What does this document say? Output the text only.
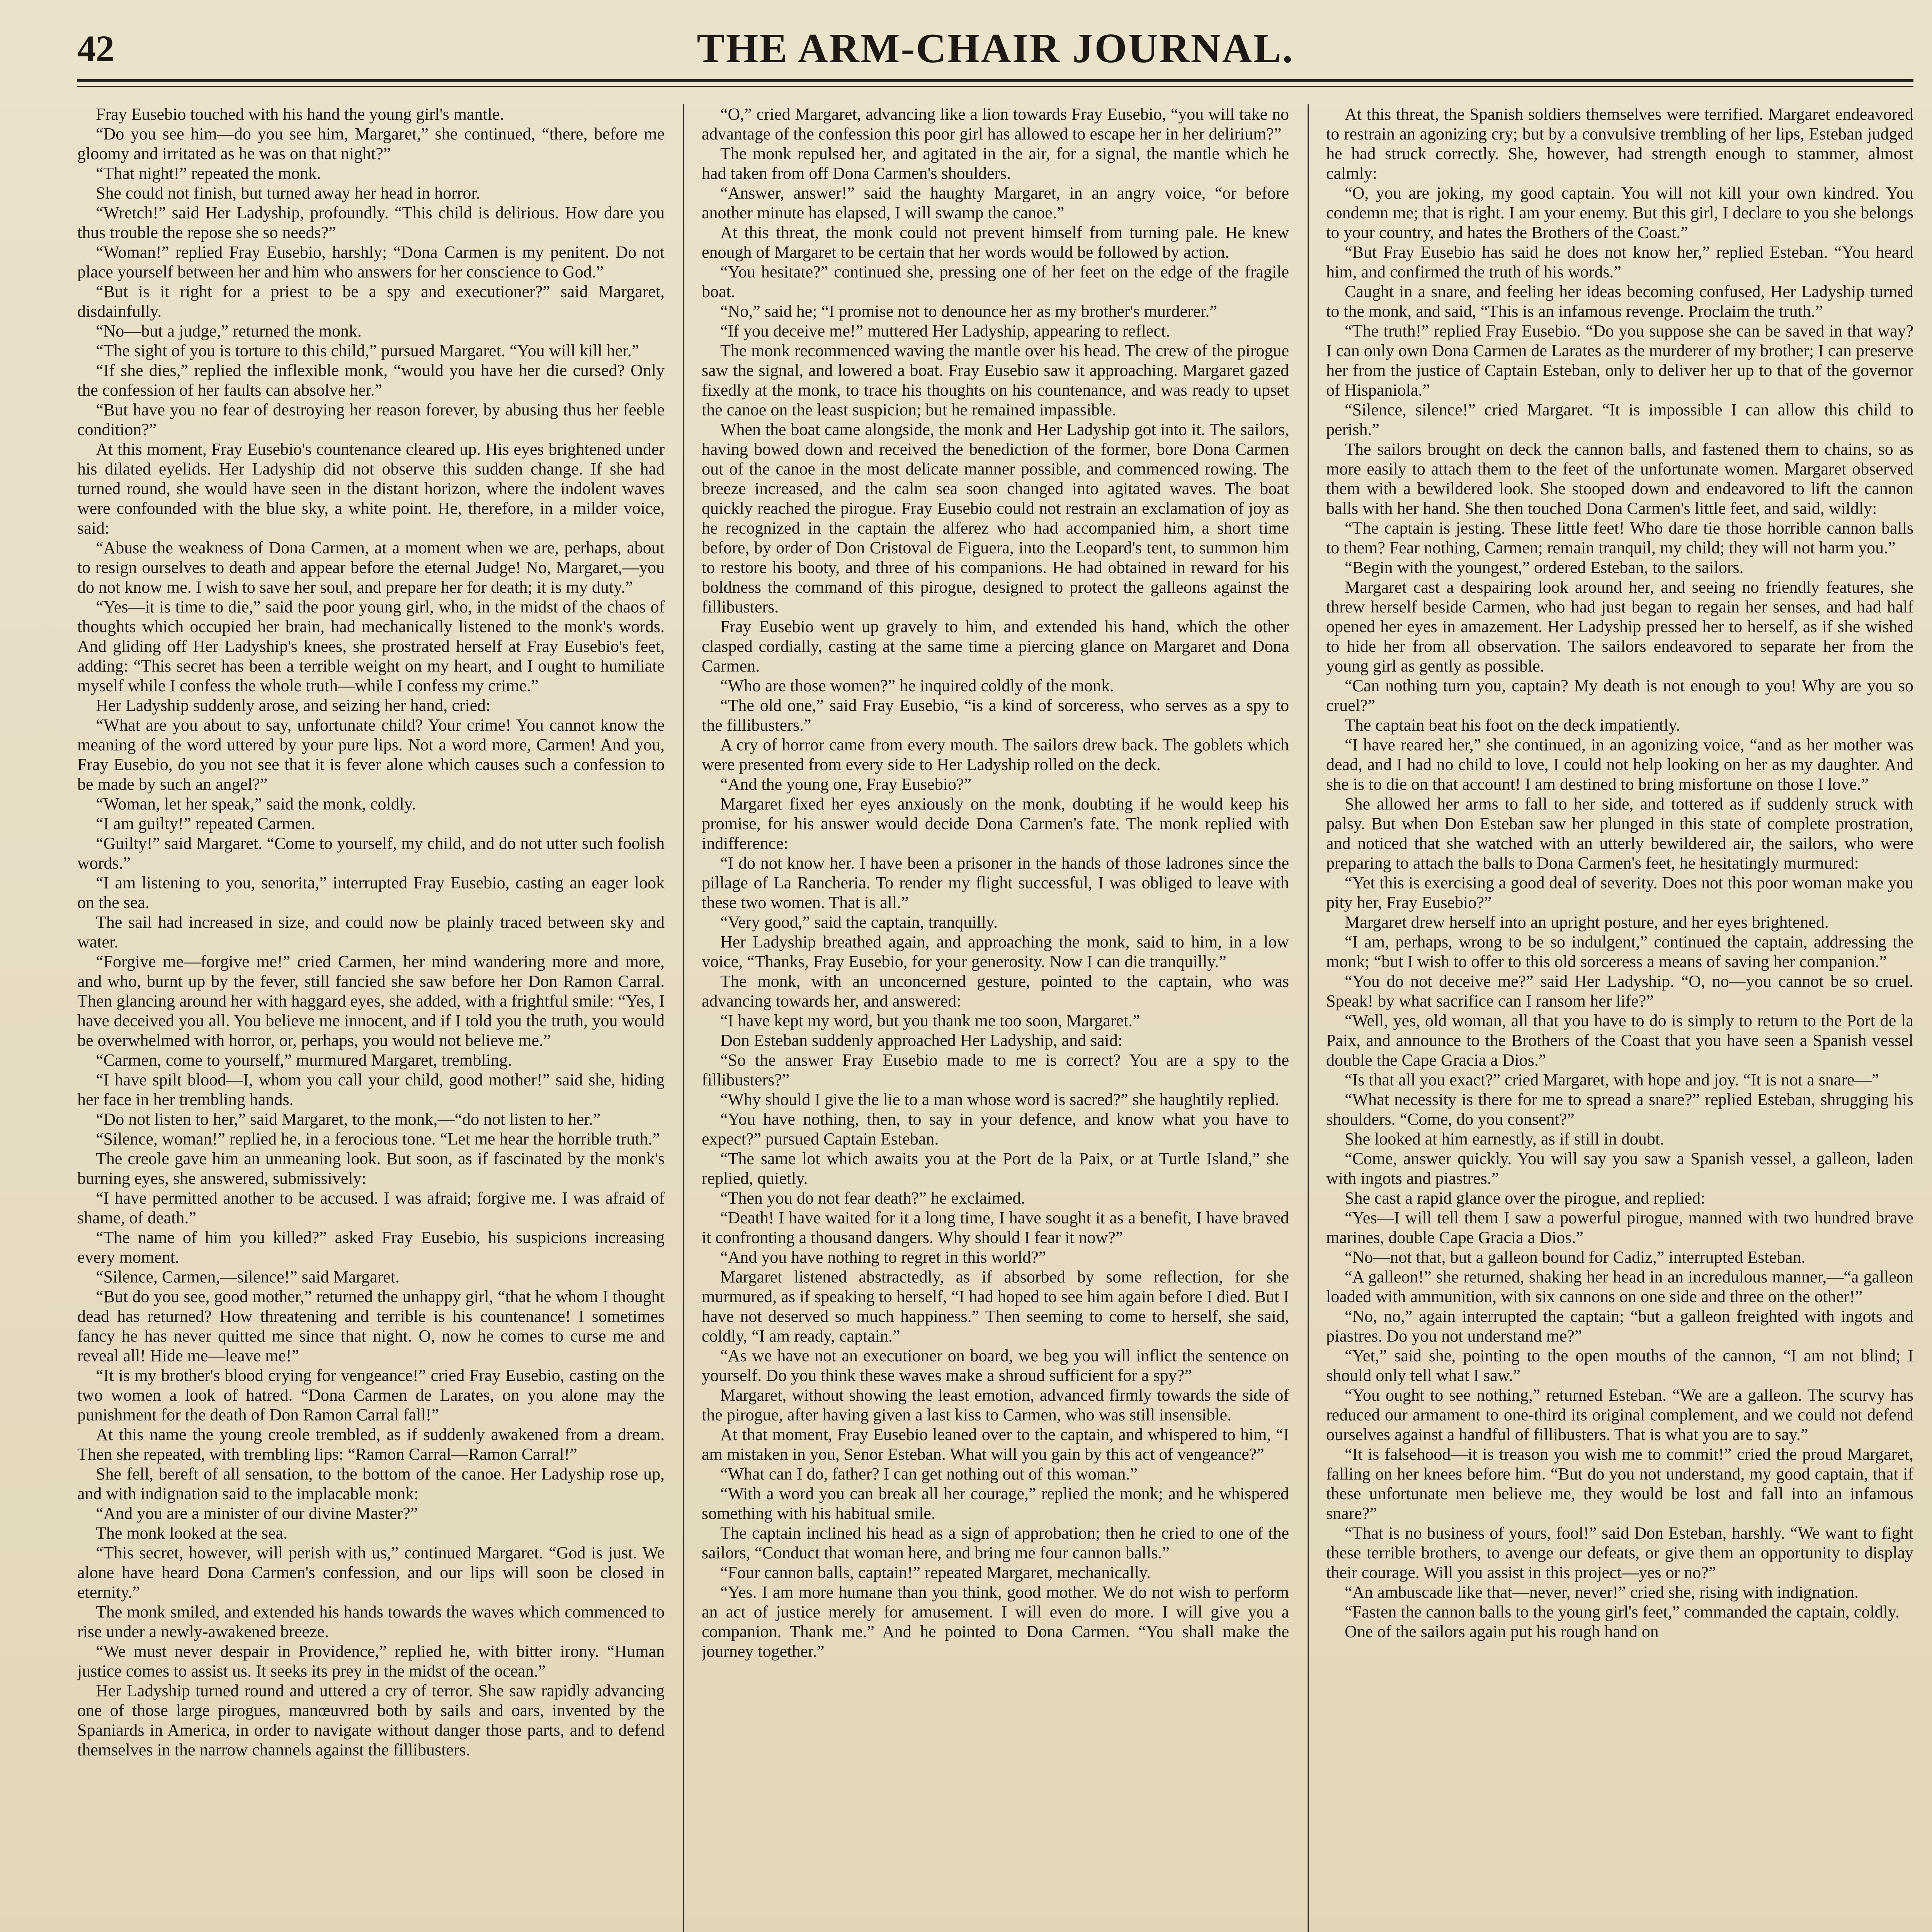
42	THE ARM-CHAIR JOURNAL.

Fray Eusebio touched with his hand the young girl's mantle.

“Do you see him—do you see him, Margaret,” she continued, “there, before me gloomy and irritated as he was on that night?”

“That night!” repeated the monk.

She could not finish, but turned away her head in horror.

“Wretch!” said Her Ladyship, profoundly. “This child is delirious. How dare you thus trouble the repose she so needs?”

“Woman!” replied Fray Eusebio, harshly; “Dona Carmen is my penitent. Do not place yourself between her and him who answers for her conscience to God.”

“But is it right for a priest to be a spy and executioner?” said Margaret, disdainfully.

“No—but a judge,” returned the monk.

“The sight of you is torture to this child,” pursued Margaret. “You will kill her.”

“If she dies,” replied the inflexible monk, “would you have her die cursed? Only the confession of her faults can absolve her.”

“But have you no fear of destroying her reason forever, by abusing thus her feeble condition?”

At this moment, Fray Eusebio's countenance cleared up. His eyes brightened under his dilated eyelids. Her Ladyship did not observe this sudden change. If she had turned round, she would have seen in the distant horizon, where the indolent waves were confounded with the blue sky, a white point. He, therefore, in a milder voice, said:

“Abuse the weakness of Dona Carmen, at a moment when we are, perhaps, about to resign ourselves to death and appear before the eternal Judge! No, Margaret,—you do not know me. I wish to save her soul, and prepare her for death; it is my duty.”

“Yes—it is time to die,” said the poor young girl, who, in the midst of the chaos of thoughts which occupied her brain, had mechanically listened to the monk's words. And gliding off Her Ladyship's knees, she prostrated herself at Fray Eusebio's feet, adding: “This secret has been a terrible weight on my heart, and I ought to humiliate myself while I confess the whole truth—while I confess my crime.”

Her Ladyship suddenly arose, and seizing her hand, cried:

“What are you about to say, unfortunate child? Your crime! You cannot know the meaning of the word uttered by your pure lips. Not a word more, Carmen! And you, Fray Eusebio, do you not see that it is fever alone which causes such a confession to be made by such an angel?”

“Woman, let her speak,” said the monk, coldly.

“I am guilty!” repeated Carmen.

“Guilty!” said Margaret. “Come to yourself, my child, and do not utter such foolish words.”

“I am listening to you, senorita,” interrupted Fray Eusebio, casting an eager look on the sea.

The sail had increased in size, and could now be plainly traced between sky and water.

“Forgive me—forgive me!” cried Carmen, her mind wandering more and more, and who, burnt up by the fever, still fancied she saw before her Don Ramon Carral. Then glancing around her with haggard eyes, she added, with a frightful smile: “Yes, I have deceived you all. You believe me innocent, and if I told you the truth, you would be overwhelmed with horror, or, perhaps, you would not believe me.”

“Carmen, come to yourself,” murmured Margaret, trembling.

“I have spilt blood—I, whom you call your child, good mother!” said she, hiding her face in her trembling hands.

“Do not listen to her,” said Margaret, to the monk,—“do not listen to her.”

“Silence, woman!” replied he, in a ferocious tone. “Let me hear the horrible truth.”

The creole gave him an unmeaning look. But soon, as if fascinated by the monk's burning eyes, she answered, submissively:

“I have permitted another to be accused. I was afraid; forgive me. I was afraid of shame, of death.”

“The name of him you killed?” asked Fray Eusebio, his suspicions increasing every moment.

“Silence, Carmen,—silence!” said Margaret.

“But do you see, good mother,” returned the unhappy girl, “that he whom I thought dead has returned? How threatening and terrible is his countenance! I sometimes fancy he has never quitted me since that night. O, now he comes to curse me and reveal all! Hide me—leave me!”

“It is my brother's blood crying for vengeance!” cried Fray Eusebio, casting on the two women a look of hatred. “Dona Carmen de Larates, on you alone may the punishment for the death of Don Ramon Carral fall!”

At this name the young creole trembled, as if suddenly awakened from a dream. Then she repeated, with trembling lips: “Ramon Carral—Ramon Carral!”

She fell, bereft of all sensation, to the bottom of the canoe. Her Ladyship rose up, and with indignation said to the implacable monk:

“And you are a minister of our divine Master?”

The monk looked at the sea.

“This secret, however, will perish with us,” continued Margaret. “God is just. We alone have heard Dona Carmen's confession, and our lips will soon be closed in eternity.”

The monk smiled, and extended his hands towards the waves which commenced to rise under a newly-awakened breeze.

“We must never despair in Providence,” replied he, with bitter irony. “Human justice comes to assist us. It seeks its prey in the midst of the ocean.”

Her Ladyship turned round and uttered a cry of terror. She saw rapidly advancing one of those large pirogues, manœuvred both by sails and oars, invented by the Spaniards in America, in order to navigate without danger those parts, and to defend themselves in the narrow channels against the fillibusters.

“O,” cried Margaret, advancing like a lion towards Fray Eusebio, “you will take no advantage of the confession this poor girl has allowed to escape her in her delirium?”

The monk repulsed her, and agitated in the air, for a signal, the mantle which he had taken from off Dona Carmen's shoulders.

“Answer, answer!” said the haughty Margaret, in an angry voice, “or before another minute has elapsed, I will swamp the canoe.”

At this threat, the monk could not prevent himself from turning pale. He knew enough of Margaret to be certain that her words would be followed by action.

“You hesitate?” continued she, pressing one of her feet on the edge of the fragile boat.

“No,” said he; “I promise not to denounce her as my brother's murderer.”

“If you deceive me!” muttered Her Ladyship, appearing to reflect.

The monk recommenced waving the mantle over his head. The crew of the pirogue saw the signal, and lowered a boat. Fray Eusebio saw it approaching. Margaret gazed fixedly at the monk, to trace his thoughts on his countenance, and was ready to upset the canoe on the least suspicion; but he remained impassible.

When the boat came alongside, the monk and Her Ladyship got into it. The sailors, having bowed down and received the benediction of the former, bore Dona Carmen out of the canoe in the most delicate manner possible, and commenced rowing. The breeze increased, and the calm sea soon changed into agitated waves. The boat quickly reached the pirogue. Fray Eusebio could not restrain an exclamation of joy as he recognized in the captain the alferez who had accompanied him, a short time before, by order of Don Cristoval de Figuera, into the Leopard's tent, to summon him to restore his booty, and three of his companions. He had obtained in reward for his boldness the command of this pirogue, designed to protect the galleons against the fillibusters.

Fray Eusebio went up gravely to him, and extended his hand, which the other clasped cordially, casting at the same time a piercing glance on Margaret and Dona Carmen.

“Who are those women?” he inquired coldly of the monk.

“The old one,” said Fray Eusebio, “is a kind of sorceress, who serves as a spy to the fillibusters.”

A cry of horror came from every mouth. The sailors drew back. The goblets which were presented from every side to Her Ladyship rolled on the deck.

“And the young one, Fray Eusebio?”

Margaret fixed her eyes anxiously on the monk, doubting if he would keep his promise, for his answer would decide Dona Carmen's fate. The monk replied with indifference:

“I do not know her. I have been a prisoner in the hands of those ladrones since the pillage of La Rancheria. To render my flight successful, I was obliged to leave with these two women. That is all.”

“Very good,” said the captain, tranquilly.

Her Ladyship breathed again, and approaching the monk, said to him, in a low voice, “Thanks, Fray Eusebio, for your generosity. Now I can die tranquilly.”

The monk, with an unconcerned gesture, pointed to the captain, who was advancing towards her, and answered:

“I have kept my word, but you thank me too soon, Margaret.”

Don Esteban suddenly approached Her Ladyship, and said:

“So the answer Fray Eusebio made to me is correct? You are a spy to the fillibusters?”

“Why should I give the lie to a man whose word is sacred?” she haughtily replied.

“You have nothing, then, to say in your defence, and know what you have to expect?” pursued Captain Esteban.

“The same lot which awaits you at the Port de la Paix, or at Turtle Island,” she replied, quietly.

“Then you do not fear death?” he exclaimed.

“Death! I have waited for it a long time, I have sought it as a benefit, I have braved it confronting a thousand dangers. Why should I fear it now?”

“And you have nothing to regret in this world?”

Margaret listened abstractedly, as if absorbed by some reflection, for she murmured, as if speaking to herself, “I had hoped to see him again before I died. But I have not deserved so much happiness.” Then seeming to come to herself, she said, coldly, “I am ready, captain.”

“As we have not an executioner on board, we beg you will inflict the sentence on yourself. Do you think these waves make a shroud sufficient for a spy?”

Margaret, without showing the least emotion, advanced firmly towards the side of the pirogue, after having given a last kiss to Carmen, who was still insensible.

At that moment, Fray Eusebio leaned over to the captain, and whispered to him, “I am mistaken in you, Senor Esteban. What will you gain by this act of vengeance?”

“What can I do, father? I can get nothing out of this woman.”

“With a word you can break all her courage,” replied the monk; and he whispered something with his habitual smile.

The captain inclined his head as a sign of approbation; then he cried to one of the sailors, “Conduct that woman here, and bring me four cannon balls.”

“Four cannon balls, captain!” repeated Margaret, mechanically.

“Yes. I am more humane than you think, good mother. We do not wish to perform an act of justice merely for amusement. I will even do more. I will give you a companion. Thank me.” And he pointed to Dona Carmen. “You shall make the journey together.”

At this threat, the Spanish soldiers themselves were terrified. Margaret endeavored to restrain an agonizing cry; but by a convulsive trembling of her lips, Esteban judged he had struck correctly. She, however, had strength enough to stammer, almost calmly:

“O, you are joking, my good captain. You will not kill your own kindred. You condemn me; that is right. I am your enemy. But this girl, I declare to you she belongs to your country, and hates the Brothers of the Coast.”

“But Fray Eusebio has said he does not know her,” replied Esteban. “You heard him, and confirmed the truth of his words.”

Caught in a snare, and feeling her ideas becoming confused, Her Ladyship turned to the monk, and said, “This is an infamous revenge. Proclaim the truth.”

“The truth!” replied Fray Eusebio. “Do you suppose she can be saved in that way? I can only own Dona Carmen de Larates as the murderer of my brother; I can preserve her from the justice of Captain Esteban, only to deliver her up to that of the governor of Hispaniola.”

“Silence, silence!” cried Margaret. “It is impossible I can allow this child to perish.”

The sailors brought on deck the cannon balls, and fastened them to chains, so as more easily to attach them to the feet of the unfortunate women. Margaret observed them with a bewildered look. She stooped down and endeavored to lift the cannon balls with her hand. She then touched Dona Carmen's little feet, and said, wildly:

“The captain is jesting. These little feet! Who dare tie those horrible cannon balls to them? Fear nothing, Carmen; remain tranquil, my child; they will not harm you.”

“Begin with the youngest,” ordered Esteban, to the sailors.

Margaret cast a despairing look around her, and seeing no friendly features, she threw herself beside Carmen, who had just began to regain her senses, and had half opened her eyes in amazement. Her Ladyship pressed her to herself, as if she wished to hide her from all observation. The sailors endeavored to separate her from the young girl as gently as possible.

“Can nothing turn you, captain? My death is not enough to you! Why are you so cruel?”

The captain beat his foot on the deck impatiently.

“I have reared her,” she continued, in an agonizing voice, “and as her mother was dead, and I had no child to love, I could not help looking on her as my daughter. And she is to die on that account! I am destined to bring misfortune on those I love.”

She allowed her arms to fall to her side, and tottered as if suddenly struck with palsy. But when Don Esteban saw her plunged in this state of complete prostration, and noticed that she watched with an utterly bewildered air, the sailors, who were preparing to attach the balls to Dona Carmen's feet, he hesitatingly murmured:

“Yet this is exercising a good deal of severity. Does not this poor woman make you pity her, Fray Eusebio?”

Margaret drew herself into an upright posture, and her eyes brightened.

“I am, perhaps, wrong to be so indulgent,” continued the captain, addressing the monk; “but I wish to offer to this old sorceress a means of saving her companion.”

“You do not deceive me?” said Her Ladyship. “O, no—you cannot be so cruel. Speak! by what sacrifice can I ransom her life?”

“Well, yes, old woman, all that you have to do is simply to return to the Port de la Paix, and announce to the Brothers of the Coast that you have seen a Spanish vessel double the Cape Gracia a Dios.”

“Is that all you exact?” cried Margaret, with hope and joy. “It is not a snare—”

“What necessity is there for me to spread a snare?” replied Esteban, shrugging his shoulders. “Come, do you consent?”

She looked at him earnestly, as if still in doubt.

“Come, answer quickly. You will say you saw a Spanish vessel, a galleon, laden with ingots and piastres.”

She cast a rapid glance over the pirogue, and replied:

“Yes—I will tell them I saw a powerful pirogue, manned with two hundred brave marines, double Cape Gracia a Dios.”

“No—not that, but a galleon bound for Cadiz,” interrupted Esteban.

“A galleon!” she returned, shaking her head in an incredulous manner,—“a galleon loaded with ammunition, with six cannons on one side and three on the other!”

“No, no,” again interrupted the captain; “but a galleon freighted with ingots and piastres. Do you not understand me?”

“Yet,” said she, pointing to the open mouths of the cannon, “I am not blind; I should only tell what I saw.”

“You ought to see nothing,” returned Esteban. “We are a galleon. The scurvy has reduced our armament to one-third its original complement, and we could not defend ourselves against a handful of fillibusters. That is what you are to say.”

“It is falsehood—it is treason you wish me to commit!” cried the proud Margaret, falling on her knees before him. “But do you not understand, my good captain, that if these unfortunate men believe me, they would be lost and fall into an infamous snare?”

“That is no business of yours, fool!” said Don Esteban, harshly. “We want to fight these terrible brothers, to avenge our defeats, or give them an opportunity to display their courage. Will you assist in this project—yes or no?”

“An ambuscade like that—never, never!” cried she, rising with indignation.

“Fasten the cannon balls to the young girl's feet,” commanded the captain, coldly.

One of the sailors again put his rough hand on
